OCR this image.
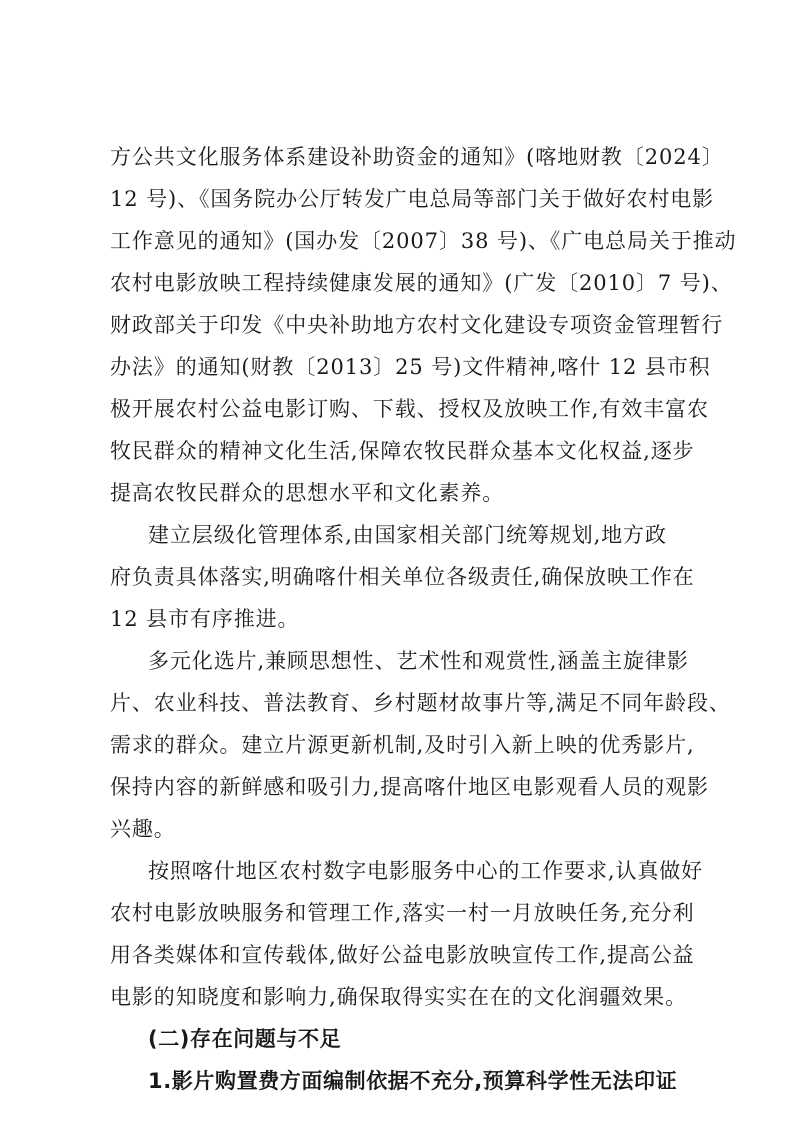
方公共文化服务体系建设补助资金的通知》(喀地财教〔2024〕
12 号)、《国务院办公厅转发广电总局等部门关于做好农村电影
工作意见的通知》(国办发〔2007〕38 号)、《广电总局关于推动
农村电影放映工程持续健康发展的通知》(广发〔2010〕7 号)、
财政部关于印发《中央补助地方农村文化建设专项资金管理暂行
办法》的通知(财教〔2013〕25 号)文件精神,喀什 12 县市积
极开展农村公益电影订购、下载、授权及放映工作,有效丰富农
牧民群众的精神文化生活,保障农牧民群众基本文化权益,逐步
提高农牧民群众的思想水平和文化素养。
建立层级化管理体系,由国家相关部门统筹规划,地方政
府负责具体落实,明确喀什相关单位各级责任,确保放映工作在
12 县市有序推进。
多元化选片,兼顾思想性、艺术性和观赏性,涵盖主旋律影
片、农业科技、普法教育、乡村题材故事片等,满足不同年龄段、
需求的群众。建立片源更新机制,及时引入新上映的优秀影片,
保持内容的新鲜感和吸引力,提高喀什地区电影观看人员的观影
兴趣。
按照喀什地区农村数字电影服务中心的工作要求,认真做好
农村电影放映服务和管理工作,落实一村一月放映任务,充分利
用各类媒体和宣传载体,做好公益电影放映宣传工作,提高公益
电影的知晓度和影响力,确保取得实实在在的文化润疆效果。
(二)存在问题与不足
1.影片购置费方面编制依据不充分,预算科学性无法印证
